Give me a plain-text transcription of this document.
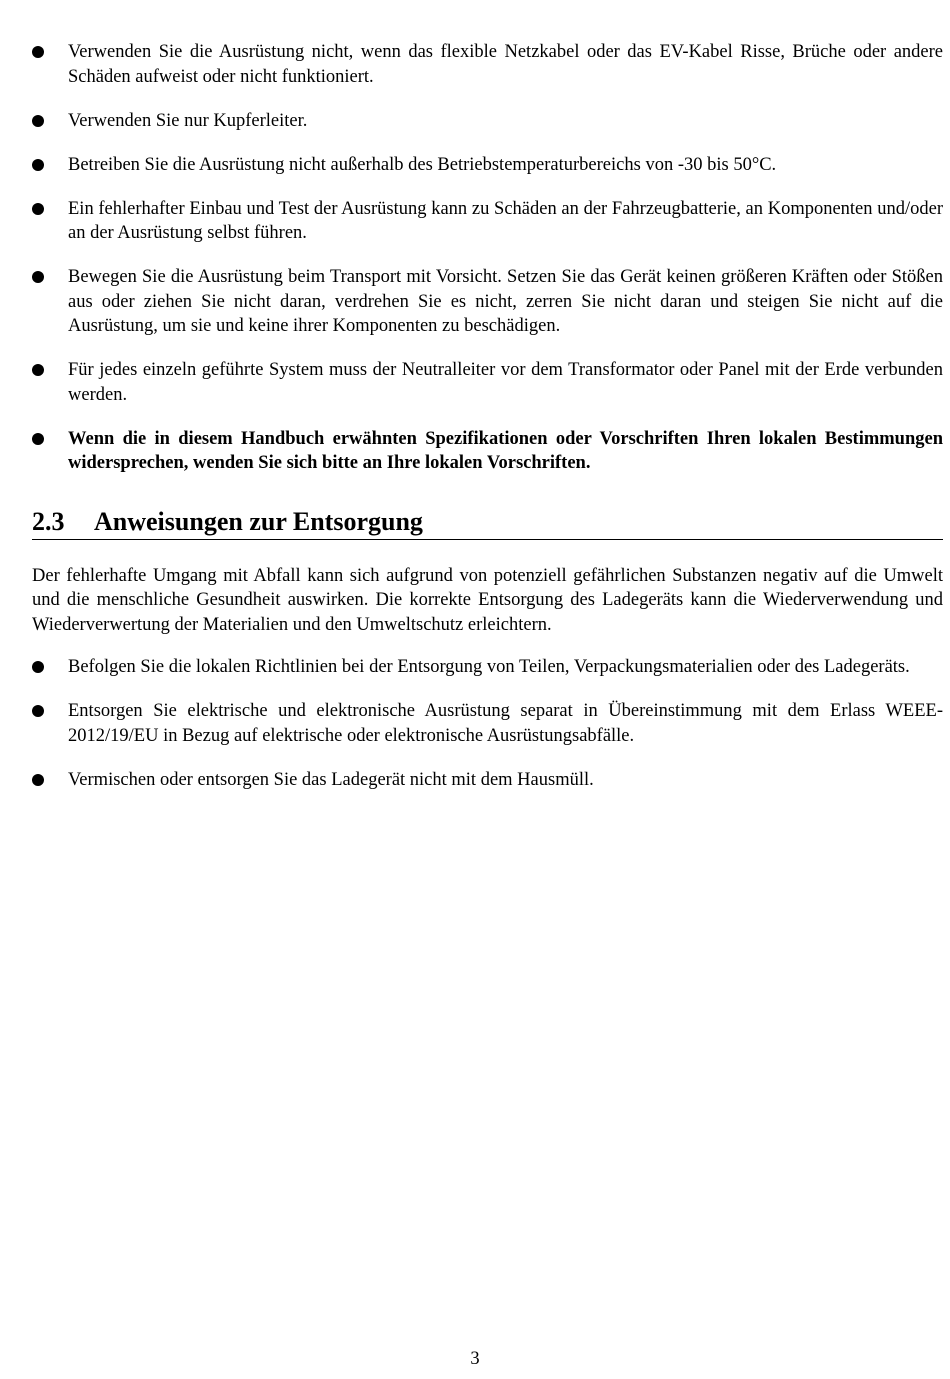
Verwenden Sie die Ausrüstung nicht, wenn das flexible Netzkabel oder das EV-Kabel Risse, Brüche oder andere Schäden aufweist oder nicht funktioniert.
Verwenden Sie nur Kupferleiter.
Betreiben Sie die Ausrüstung nicht außerhalb des Betriebstemperaturbereichs von -30 bis 50°C.
Ein fehlerhafter Einbau und Test der Ausrüstung kann zu Schäden an der Fahrzeugbatterie, an Komponenten und/oder an der Ausrüstung selbst führen.
Bewegen Sie die Ausrüstung beim Transport mit Vorsicht. Setzen Sie das Gerät keinen größeren Kräften oder Stößen aus oder ziehen Sie nicht daran, verdrehen Sie es nicht, zerren Sie nicht daran und steigen Sie nicht auf die Ausrüstung, um sie und keine ihrer Komponenten zu beschädigen.
Für jedes einzeln geführte System muss der Neutralleiter vor dem Transformator oder Panel mit der Erde verbunden werden.
Wenn die in diesem Handbuch erwähnten Spezifikationen oder Vorschriften Ihren lokalen Bestimmungen widersprechen, wenden Sie sich bitte an Ihre lokalen Vorschriften.
2.3 Anweisungen zur Entsorgung

Der fehlerhafte Umgang mit Abfall kann sich aufgrund von potenziell gefährlichen Substanzen negativ auf die Umwelt und die menschliche Gesundheit auswirken. Die korrekte Entsorgung des Ladegeräts kann die Wiederverwendung und Wiederverwertung der Materialien und den Umweltschutz erleichtern.

Befolgen Sie die lokalen Richtlinien bei der Entsorgung von Teilen, Verpackungsmaterialien oder des Ladegeräts.
Entsorgen Sie elektrische und elektronische Ausrüstung separat in Übereinstimmung mit dem Erlass WEEE-2012/19/EU in Bezug auf elektrische oder elektronische Ausrüstungsabfälle.
Vermischen oder entsorgen Sie das Ladegerät nicht mit dem Hausmüll.
3
